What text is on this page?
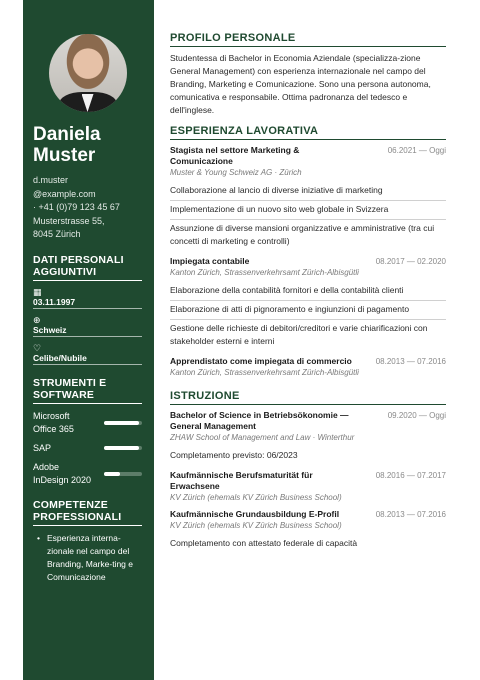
Daniela
Muster
d.muster
@example.com
· +41 (0)79 123 45 67
Musterstrasse 55,
8045 Zürich
DATI PERSONALI AGGIUNTIVI
▦
03.11.1997
⊕
Schweiz
♡
Celibe/Nubile
STRUMENTI E SOFTWARE
Microsoft Office 365
SAP
Adobe InDesign 2020
COMPETENZE PROFESSIONALI
• Esperienza interna-zionale nel campo del Branding, Marke-ting e Comunicazione
PROFILO PERSONALE
Studentessa di Bachelor in Economia Aziendale (specializza-zione General Management) con esperienza internazionale nel campo del Branding, Marketing e Comunicazione. Sono una persona autonoma, comunicativa e responsabile. Ottima padronanza del tedesco e dell'inglese.
ESPERIENZA LAVORATIVA
Stagista nel settore Marketing & Comunicazione
06.2021 — Oggi
Muster & Young Schweiz AG · Zürich
Collaborazione al lancio di diverse iniziative di marketing
Implementazione di un nuovo sito web globale in Svizzera
Assunzione di diverse mansioni organizzative e amministrative (tra cui concetti di marketing e controlli)
Impiegata contabile	08.2017 — 02.2020
Kanton Zürich, Strassenverkehrsamt Zürich-Albisgütli
Elaborazione della contabilità fornitori e della contabilità clienti
Elaborazione di atti di pignoramento e ingiunzioni di pagamento
Gestione delle richieste di debitori/creditori e varie chiarificazioni con stakeholder esterni e interni
Apprendistato come impiegata di commercio	08.2013 — 07.2016
Kanton Zürich, Strassenverkehrsamt Zürich-Albisgütli
ISTRUZIONE
Bachelor of Science in Betriebsökonomie — General Management
09.2020 — Oggi
ZHAW School of Management and Law · Winterthur
Completamento previsto: 06/2023
Kaufmännische Berufsmaturität für Erwachsene
08.2016 — 07.2017
KV Zürich (ehemals KV Zürich Business School)
Kaufmännische Grundausbildung E-Profil	08.2013 — 07.2016
KV Zürich (ehemals KV Zürich Business School)
Completamento con attestato federale di capacità
